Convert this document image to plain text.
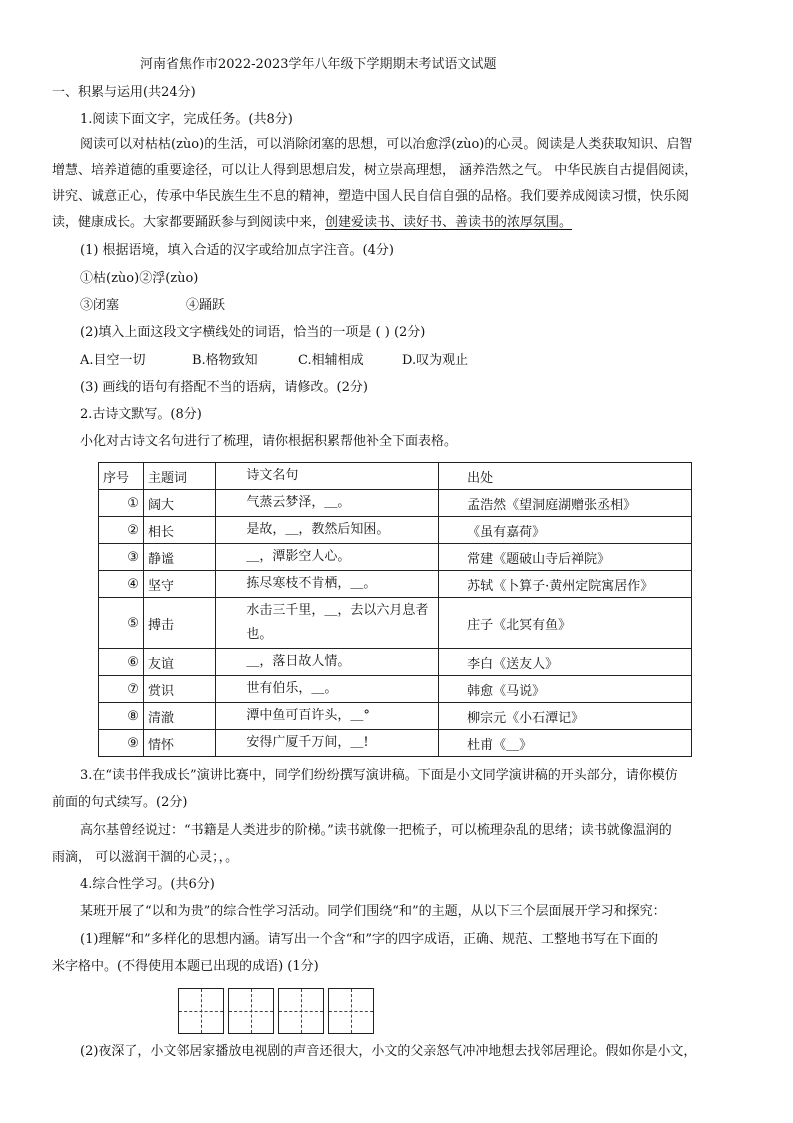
河南省焦作市2022-2023学年八年级下学期期末考试语文试题
一、积累与运用(共24分)
1.阅读下面文字，完成任务。(共8分)
阅读可以对枯枯(zùo)的生活，可以消除闭塞的思想，可以冶愈浮(zùo)的心灵。阅读是人类获取知识、启智
增慧、培养道德的重要途径，可以让人得到思想启发，树立崇高理想， 涵养浩然之气。 中华民族自古提倡阅读，
讲究、诚意正心，传承中华民族生生不息的精神，塑造中国人民自信自强的品格。我们要养成阅读习惯，快乐阅
读，健康成长。大家都要踊跃参与到阅读中来，创建爱读书、读好书、善读书的浓厚氛围。
(1) 根据语境，填入合适的汉字或给加点字注音。(4分)
①枯(zùo)②浮(zùo)
③闭塞	④踊跃
(2)填入上面这段文字横线处的词语，恰当的一项是 ( ) (2分)
A.目空一切	B.格物致知	C.相辅相成	D.叹为观止
(3) 画线的语句有搭配不当的语病，请修改。(2分)
2.古诗文默写。(8分)
小化对古诗文名句进行了梳理，请你根据积累帮他补全下面表格。
序号	主题词	诗文名句	出处
①	阔大	气蒸云梦泽，＿。	孟浩然《望洞庭湖赠张丞相》
②	相长	是故，＿，教然后知困。	《虽有嘉荷》
③	静谧	＿，潭影空人心。	常建《题破山寺后禅院》
④	坚守	拣尽寒枝不肯栖，＿。	苏轼《卜算子·黄州定院寓居作》
⑤	搏击	水击三千里，＿，去以六月息者也。	庄子《北冥有鱼》
⑥	友谊	＿，落日故人情。	李白《送友人》
⑦	赏识	世有伯乐，＿。	韩愈《马说》
⑧	清澈	潭中鱼可百许头，＿°	柳宗元《小石潭记》
⑨	情怀	安得广厦千万间，＿!	杜甫《＿》
3.在“读书伴我成长”演讲比赛中，同学们纷纷撰写演讲稿。下面是小文同学演讲稿的开头部分，请你模仿
前面的句式续写。(2分)
高尔基曾经说过：“书籍是人类进步的阶梯。”读书就像一把梳子，可以梳理杂乱的思绪；读书就像温润的
雨滴， 可以滋润干涸的心灵；，。
4.综合性学习。(共6分)
某班开展了“以和为贵”的综合性学习活动。同学们围绕“和”的主题，从以下三个层面展开学习和探究：
(1)理解“和”多样化的思想内涵。请写出一个含“和”字的四字成语，正确、规范、工整地书写在下面的
米字格中。(不得使用本题已出现的成语) (1分)
(2)夜深了，小文邻居家播放电视剧的声音还很大，小文的父亲怒气冲冲地想去找邻居理论。假如你是小文，
